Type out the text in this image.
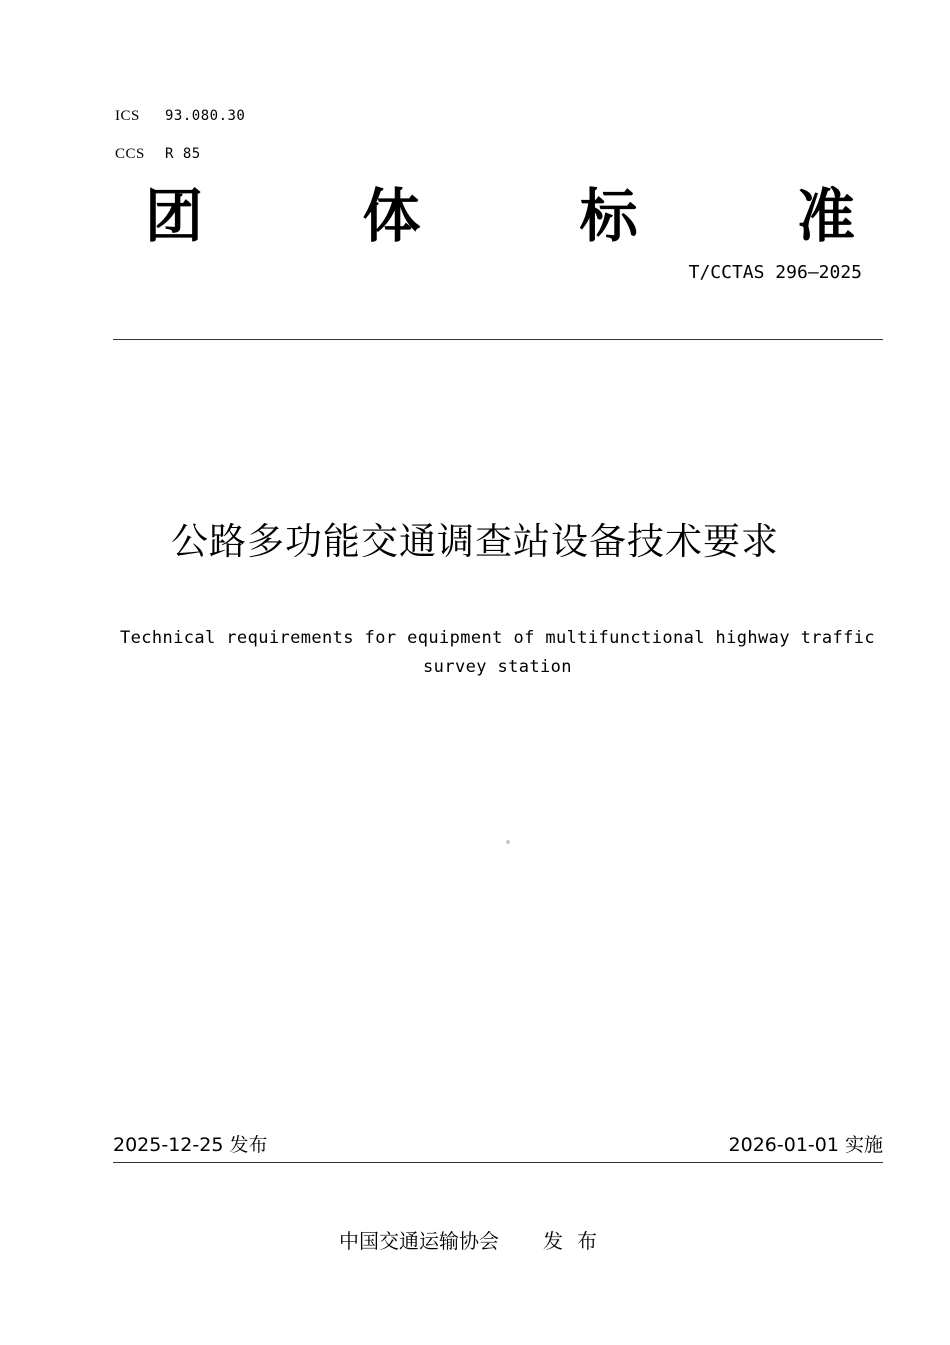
ICS 93.080.30
CCS R 85
团	体	标	准
T/CCTAS 296—2025
公路多功能交通调查站设备技术要求
Technical requirements for equipment of multifunctional highway traffic
survey station
2025-12-25 发布	2026-01-01 实施
中国交通运输协会 发布
